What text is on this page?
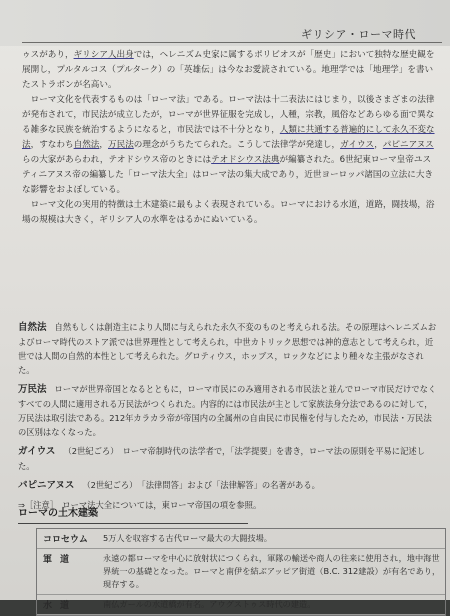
ギリシア・ローマ時代

ゥスがあり，ギリシア人出身では，ヘレニズム史家に属するポリビオスが「歴史」において独特な歴史観を展開し，プルタルコス（プルターク）の「英雄伝」は今なお愛読されている。地理学では「地理学」を書いたストラボンが名高い。

ローマ文化を代表するものは「ローマ法」である。ローマ法は十二表法にはじまり，以後さまざまの法律が発布されて，市民法が成立したが，ローマが世界征服を完成し，人種，宗教，風俗などあらゆる面で異なる雑多な民族を統治するようになると，市民法では不十分となり，人類に共通する普遍的にして永久不変な法，すなわち自然法，万民法の理念がうちたてられた。こうして法律学が発達し，ガイウス，パピニアヌスらの大家があらわれ，テオドシウス帝のときにはテオドシウス法典が編纂された。6世紀東ローマ皇帝ユスティニアヌス帝の編纂した「ローマ法大全」はローマ法の集大成であり，近世ヨーロッパ諸国の立法に大きな影響をおよぼしている。

ローマ文化の実用的特徴は土木建築に最もよく表現されている。ローマにおける水道，道路，闘技場，浴場の規模は大きく，ギリシア人の水準をはるかにぬいている。

自然法 自然もしくは創造主により人間に与えられた永久不変のものと考えられる法。その原理はヘレニズムおよびローマ時代のストア派では世界理性として考えられ，中世カトリック思想では神的意志として考えられ，近世では人間の自然的本性として考えられた。グロティウス，ホッブス，ロックなどにより種々な主張がなされた。
万民法 ローマが世界帝国となるとともに，ローマ市民にのみ適用される市民法と並んでローマ市民だけでなくすべての人間に適用される万民法がつくられた。内容的には市民法が主として家族法身分法であるのに対して，万民法は取引法である。212年カラカラ帝が帝国内の全属州の自由民に市民権を付与したため，市民法・万民法の区別はなくなった。
ガイウス （2世紀ごろ）　ローマ帝制時代の法学者で，「法学提要」を書き，ローマ法の原則を平易に記述した。
パピニアヌス （2世紀ごろ）　「法律問答」および「法律解答」の名著がある。
⇒［注意］　ローマ法大全については，東ローマ帝国の項を参照。
ローマの土木建築
コロセウム	5万人を収容する古代ローマ最大の大闘技場。
軍道	永遠の都ローマを中心に放射状につくられ，軍隊の輸送や商人の往来に使用され，地中海世界統一の基礎となった。ローマと南伊を結ぶアッピア街道（B.C. 312建設）が有名であり，現存する。
水道	南仏ガールの水道橋が有名。アウグストゥス時代の建造。
